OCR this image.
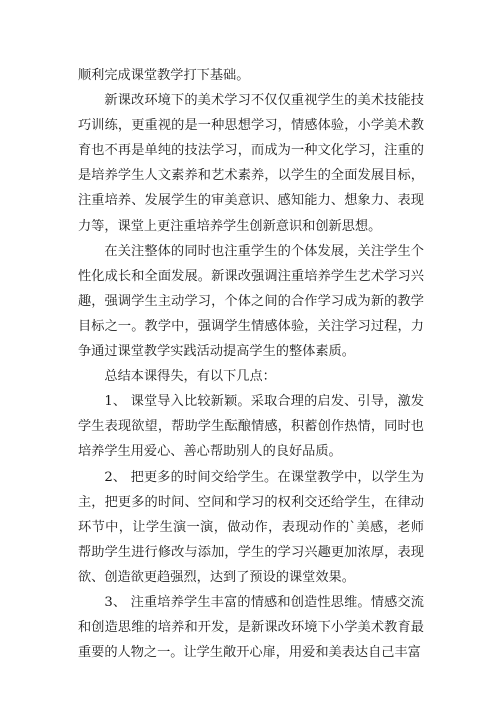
顺利完成课堂教学打下基础。

新课改环境下的美术学习不仅仅重视学生的美术技能技巧训练，更重视的是一种思想学习，情感体验，小学美术教育也不再是单纯的技法学习，而成为一种文化学习，注重的是培养学生人文素养和艺术素养，以学生的全面发展目标，注重培养、发展学生的审美意识、感知能力、想象力、表现力等，课堂上更注重培养学生创新意识和创新思想。

在关注整体的同时也注重学生的个体发展，关注学生个性化成长和全面发展。新课改强调注重培养学生艺术学习兴趣，强调学生主动学习，个体之间的合作学习成为新的教学目标之一。教学中，强调学生情感体验，关注学习过程，力争通过课堂教学实践活动提高学生的整体素质。

总结本课得失，有以下几点：

1、 课堂导入比较新颖。采取合理的启发、引导，激发学生表现欲望，帮助学生酝酿情感，积蓄创作热情，同时也培养学生用爱心、善心帮助别人的良好品质。

2、 把更多的时间交给学生。在课堂教学中，以学生为主，把更多的时间、空间和学习的权利交还给学生，在律动环节中，让学生演一演，做动作，表现动作的`美感，老师帮助学生进行修改与添加，学生的学习兴趣更加浓厚，表现欲、创造欲更趋强烈，达到了预设的课堂效果。

3、 注重培养学生丰富的情感和创造性思维。情感交流和创造思维的培养和开发，是新课改环境下小学美术教育最重要的人物之一。让学生敞开心扉，用爱和美表达自己丰富
